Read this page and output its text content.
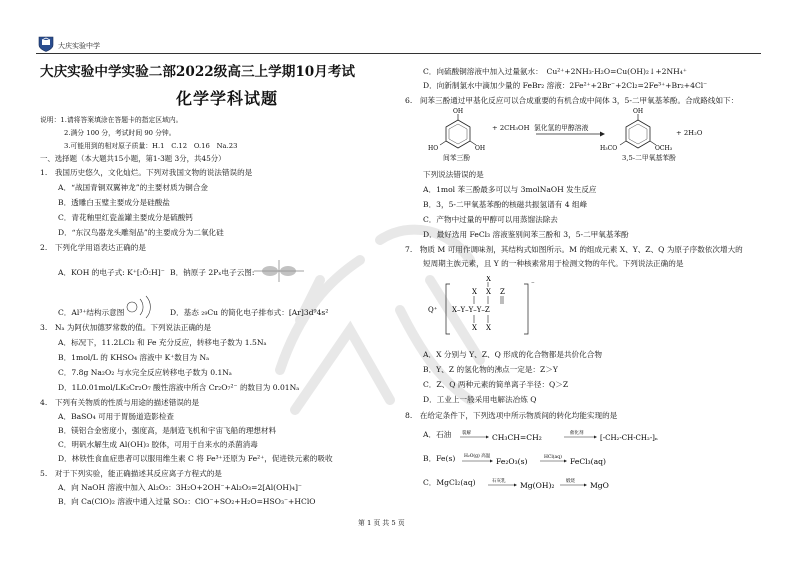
大庆实验中学
大庆实验中学实验二部2022级高三上学期10月考试
化学学科试题
说明：1.请将答案填涂在答题卡的指定区域内。
2.满分 100 分，考试时间 90 分钟。
3.可能用到的相对原子质量：H.1　C.12　O.16　Na.23
一、选择题（本大题共15小题，第1-3题 3分，共45分）
1.　我国历史悠久，文化灿烂。下列对我国文物的说法错误的是
A．“战国青铜双翼神龙”的主要材质为铜合金
B．透雕白玉璧主要成分是硅酸盐
C．青花釉里红瓷盖罐主要成分是硫酸钙
D．“东汉鸟器龙头雕刻品”的主要成分为二氧化硅
2.　下列化学用语表达正确的是
A．KOH 的电子式: K⁺[:Ö:H]⁻ B．钠原子 2Pₓ电子云图:
C．Al³⁺结构示意图	D．基态 ₂₉Cu 的简化电子排布式：[Ar]3d⁹4s²
3.　Nₐ 为阿伏加德罗常数的值。下列说法正确的是
A．标况下，11.2LCl₂ 和 Fe 充分反应，转移电子数为 1.5Nₐ
B．1mol/L 的 KHSO₄ 溶液中 K⁺数目为 Nₐ
C．7.8g Na₂O₂ 与水完全反应转移电子数为 0.1Nₐ
D．1L0.01mol/LK₂Cr₂O₇ 酸性溶液中所含 Cr₂O₇²⁻ 的数目为 0.01Nₐ
4.　下列有关物质的性质与用途的描述错误的是
A．BaSO₄ 可用于胃肠道造影检查
B．镁铝合金密度小，强度高，是制造飞机和宇宙飞船的理想材料
C．明矾水解生成 Al(OH)₃ 胶体，可用于自来水的杀菌消毒
D．林铁性食血症患者可以服用维生素 C 将 Fe³⁺还原为 Fe²⁺，促进铁元素的吸收
5.　对于下列实验，能正确描述其反应离子方程式的是
A．向 NaOH 溶液中加入 Al₂O₃：3H₂O+2OH⁻+Al₂O₃=2[Al(OH)₄]⁻
B．向 Ca(ClO)₂ 溶液中通入过量 SO₂：ClO⁻+SO₂+H₂O=HSO₃⁻+HClO
C．向硫酸铜溶液中加入过量氨水：　Cu²⁺+2NH₃·H₂O=Cu(OH)₂↓+2NH₄⁺
D．向新制氯水中滴加少量的 FeBr₂ 溶液：2Fe²⁺+2Br⁻+2Cl₂=2Fe³⁺+Br₂+4Cl⁻
6.　间苯三酚通过甲基化反应可以合成重要的有机合成中间体 3，5-二甲氧基苯酚。合成路线如下：
OH
HO	OH
OH
H₃CO	OCH₃
+ 2CH₃OH 氯化氢的甲醇溶液
+ 2H₂O
间苯三酚	3,5-二甲氧基苯酚
下列说法错误的是
A．1mol 苯三酚最多可以与 3molNaOH 发生反应
B．3，5-二甲氧基苯酚的核磁共振氢谱有 4 组峰
C．产物中过量的甲醇可以用蒸馏法除去
D．最好选用 FeCl₃ 溶液鉴别间苯三酚和 3，5-二甲氧基苯酚
7.　物质 M 可用作调味剂，其结构式如图所示。M 的组成元素 X、Y、Z、Q 为原子序数依次增大的
短周期主族元素，且 Y 的一种核素常用于检测文物的年代。下列说法正确的是
Q⁺
⁻
X–Y–Y–Y–Z
X X Z
X X
X
A．X 分别与 Y、Z、Q 形成的化合物都是共价化合物
B．Y、Z 的氢化物的沸点一定是：Z＞Y
C．Z、Q 两种元素的简单离子半径：Q＞Z
D．工业上一般采用电解法冶炼 Q
8.　在给定条件下，下列选项中所示物质间的转化均能实现的是
A．石油 裂解	CH₃CH=CH₂	催化剂
[-CH₂-CH-CH₂-]ₙ
B．Fe(s) H₂O(g) 高温
Fe₂O₃(s)	HCl(aq) FeCl₃(aq)
C．MgCl₂(aq)	石灰乳 Mg(OH)₂	煅烧 MgO
第 1 页 共 5 页
